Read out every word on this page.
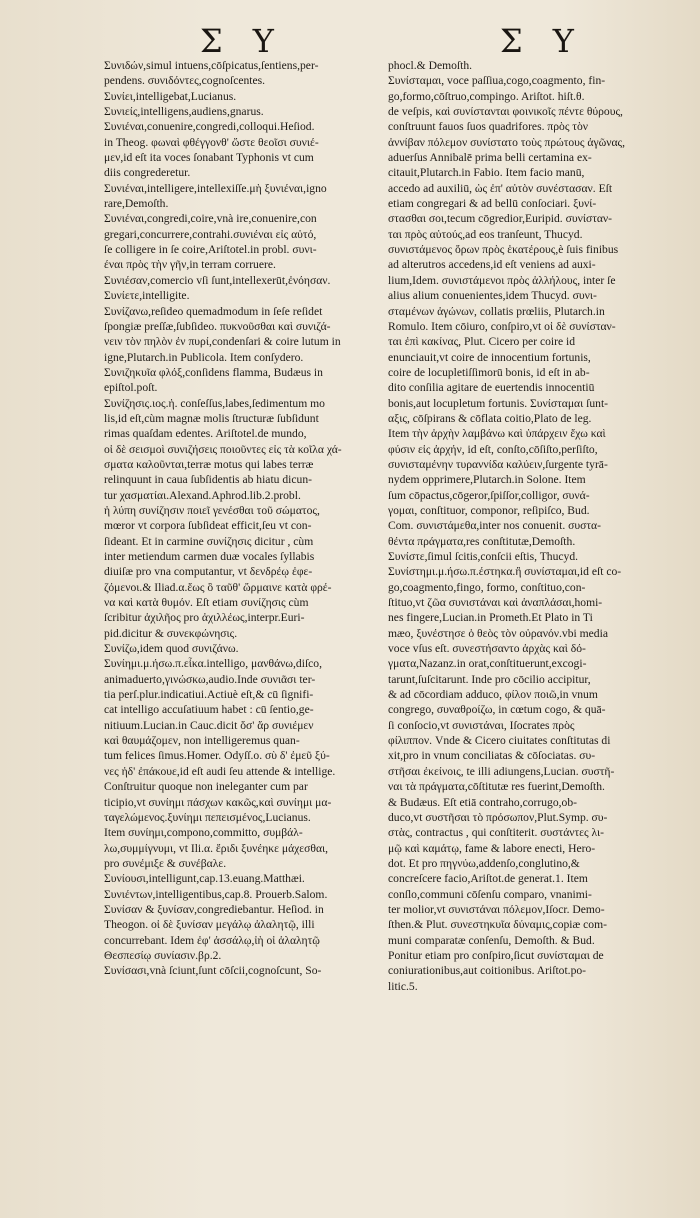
Σ Υ	Σ Υ
Συνιδών,simul intuens,cōſpicatus,ſentiens,per-
pendens. συνιδόντες,cognoſcentes.
Συνίει,intelligebat,Lucianus.
Συνιείς,intelligens,audiens,gnarus.
Συνιέναι,conuenire,congredi,colloqui.Heſiod.
in Theog. φωναὶ φθέγγονθ' ὥστε θεοῖσι συνιέ-
μεν,id eſt ita voces ſonabant Typhonis vt cum
diis congrederetur.
Συνιέναι,intelligere,intellexiſſe.μὴ ξυνιέναι,igno
rare,Demoſth.
Συνιέναι,congredi,coire,vnà ire,conuenire,con
gregari,concurrere,contrahi.συνιέναι εἰς αὐτό,
ſe colligere in ſe coire,Ariſtotel.in probl. συνι-
έναι πρὸς τὴν γῆν,in terram corruere.
Συνιέσαν,comercio vſi ſunt,intellexerūt,ἐνόησαν.
Συνίετε,intelligite.
Συνίζανω,reſideo quemadmodum in ſeſe reſidet
ſpongiæ preſſæ,ſubſideo. πυκνοῦσθαι καὶ συνιζά-
νειν τὸν πηλὸν ἐν πυρί,condenſari & coire lutum in
igne,Plutarch.in Publicola. Item conſydero.
Συνιζηκυῖα φλόξ,conſidens flamma, Budæus in
epiſtol.poſt.
Συνίζησις.ιος.ἡ. conſeſſus,labes,ſedimentum mo
lis,id eſt,cùm magnæ molis ſtructuræ ſubſidunt
rimas quaſdam edentes. Ariſtotel.de mundo,
οἱ δὲ σεισμοὶ συνιζήσεις ποιοῦντες εἰς τὰ κοῖλα χά-
σματα καλοῦνται,terræ motus qui labes terræ
relinquunt in caua ſubſidentis ab hiatu dicun-
tur χασματίαι.Alexand.Aphrod.lib.2.probl.
ἡ λύπη συνίζησιν ποιεῖ γενέσθαι τοῦ σώματος,
mœror vt corpora ſubſideat efficit,ſeu vt con-
ſideant. Et in carmine συνίζησις dicitur , cùm
inter metiendum carmen duæ vocales ſyllabis
diuiſæ pro vna computantur, vt δενδρέῳ ἐφε-
ζόμενοι.& Iliad.α.ἕως ὃ ταῦθ' ὥρμαινε κατὰ φρέ-
να καὶ κατὰ θυμόν. Eſt etiam συνίζησις cùm
ſcribitur ἀχιλῆος pro ἀχιλλέως,interpr.Euri-
pid.dicitur & συνεκφώνησις.
Συνίζω,idem quod συνιζάνω.
Συνίημι.μ.ήσω.π.εἶκα.intelligo, μανθάνω,diſco,
animaduerto,γινώσκω,audio.Inde συνιᾶσι ter-
tia perſ.plur.indicatiui.Actiuè eſt,& cū ſignifi-
cat intelligo accuſatiuum habet : cū ſentio,ge-
nitiuum.Lucian.in Cauc.dicit ὅσ' ἄρ συνιέμεν
καὶ θαυμάζομεν, non intelligeremus quan-
tum felices ſimus.Homer. Odyſſ.ο. σὺ δ' ἐμεῦ ξύ-
νες ἠδ' ἐπάκουε,id eſt audi ſeu attende & intellige.
Conſtruitur quoque non ineleganter cum par
ticipio,vt συνίημι πάσχων κακῶς,καὶ συνίημι μα-
ταγελώμενος.ξυνίημι πεπεισμένος,Lucianus.
Item συνίημι,compono,committo, συμβάλ-
λω,συμμίγνυμι, vt Ili.α. ἔριδι ξυνέηκε μάχεσθαι,
pro συνέμιξε & συνέβαλε.
Συνίουσι,intelligunt,cap.13.euang.Matthæi.
Συνιέντων,intelligentibus,cap.8. Prouerb.Salom.
Συνίσαν & ξυνίσαν,congrediebantur. Heſiod. in
Theogon. οἱ δὲ ξυνίσαν μεγάλῳ ἀλαλητῷ, illi
concurrebant. Idem ἐφ' ἀσσάλῳ,ἰὴ οἱ ἀλαλητῷ
Θεσπεσίῳ συνίασιν.βρ.2.
Συνίσασι,vnà ſciunt,ſunt cōſcii,cognoſcunt, So-
phocl.& Demoſth.
Συνίσταμαι, voce paſſiua,cogo,coagmento, fin-
go,formo,cōſtruo,compingo. Ariſtot. hiſt.θ.
de veſpis, καὶ συνίστανται φοινικοῖς πέντε θύρους,
conſtruunt fauos ſuos quadrifores. πρὸς τὸν
ἀννίβαν πόλεμον συνίστατο τοὺς πρώτους ἀγῶνας,
aduerſus Annibalē prima belli certamina ex-
citauit,Plutarch.in Fabio. Item facio manū,
accedo ad auxiliū, ὡς ἐπ' αὐτὸν συνέστασαν. Eſt
etiam congregari & ad bellū conſociari. ξυνί-
στασθαι σοι,tecum cōgredior,Euripid. συνίσταν-
ται πρὸς αὐτούς,ad eos tranſeunt, Thucyd.
συνιστάμενος ὅρων πρὸς ἑκατέρους,è ſuis finibus
ad alterutros accedens,id eſt veniens ad auxi-
lium,Idem. συνιστάμενοι πρὸς ἀλλήλους, inter ſe
alius alium conuenientes,idem Thucyd. συνι-
σταμένων ἀγώνων, collatis prœliis, Plutarch.in
Romulo. Item cōiuro, conſpiro,vt οἱ δὲ συνίσταν-
ται ἐπὶ κακίνας, Plut. Cicero per coire id
enunciauit,vt coire de innocentium fortunis,
coire de locupletiſſimorū bonis, id eſt in ab-
dito conſilia agitare de euertendis innocentiū
bonis,aut locupletum fortunis. Συνίσταμαι ſunt-
αξις, cōſpirans & cōflata coitio,Plato de leg.
Item τὴν ἀρχὴν λαμβάνω καὶ ὑπάρχειν ἔχω καὶ
φύσιν εἰς ἀρχήν, id eſt, conſto,cōſiſto,perſiſto,
συνισταμένην τυραννίδα καλύειν,ſurgente tyrā-
nydem opprimere,Plutarch.in Solone. Item
ſum cōpactus,cōgeror,ſpiſſor,colligor, συνά-
γομαι, conſtituor, componor, reſipiſco, Bud.
Com. συνιστάμεθα,inter nos conuenit. συστα-
θέντα πράγματα,res conſtitutæ,Demoſth.
Συνίστε,ſimul ſcitis,conſcii eſtis, Thucyd.
Συνίστημι.μ.ήσω.π.έστηκα.ἢ συνίσταμαι,id eſt co-
go,coagmento,fingo, formo, conſtituo,con-
ſtituo,vt ζῶα συνιστάναι καὶ ἀναπλάσαι,homi-
nes fingere,Lucian.in Prometh.Et Plato in Ti
mæo, ξυνέστησε ὁ θεὸς τὸν οὐρανόν.vbi media
voce vſus eſt. συνεστήσαντο ἀρχὰς καὶ δό-
γματα,Nazanz.in orat,conſtituerunt,excogi-
tarunt,ſuſcitarunt. Inde pro cōcilio accipitur,
& ad cōcordiam adduco, φίλον ποιῶ,in vnum
congrego, συναθροίζω, in cœtum cogo, & quā-
ſi conſocio,vt συνιστάναι, Iſocrates πρὸς
φίλιππον. Vnde & Cicero ciuitates conſtitutas di
xit,pro in vnum conciliatas & cōſociatas. συ-
στῆσαι ἐκείνοις, te illi adiungens,Lucian. συστῆ-
ναι τὰ πράγματα,cōſtitutæ res fuerint,Demoſth.
& Budæus. Eſt etiā contraho,corrugo,ob-
duco,vt συστῆσαι τὸ πρόσωπον,Plut.Symp. συ-
στὰς, contractus , qui conſtiterit. συστάντες λι-
μῷ καὶ καμάτῳ, fame & labore enecti, Hero-
dot. Et pro πηγνύω,addenſo,conglutino,&
concreſcere facio,Ariſtot.de generat.1. Item
conſlo,communi cōſenſu comparo, vnanimi-
ter molior,vt συνιστάναι πόλεμον,Iſocr. Demo-
ſthen.& Plut. συνεστηκυῖα δύναμις,copiæ com-
muni comparatæ conſenſu, Demoſth. & Bud.
Ponitur etiam pro conſpiro,ſicut συνίσταμαι de
coniurationibus,aut coitionibus. Ariſtot.po-
litic.5.
